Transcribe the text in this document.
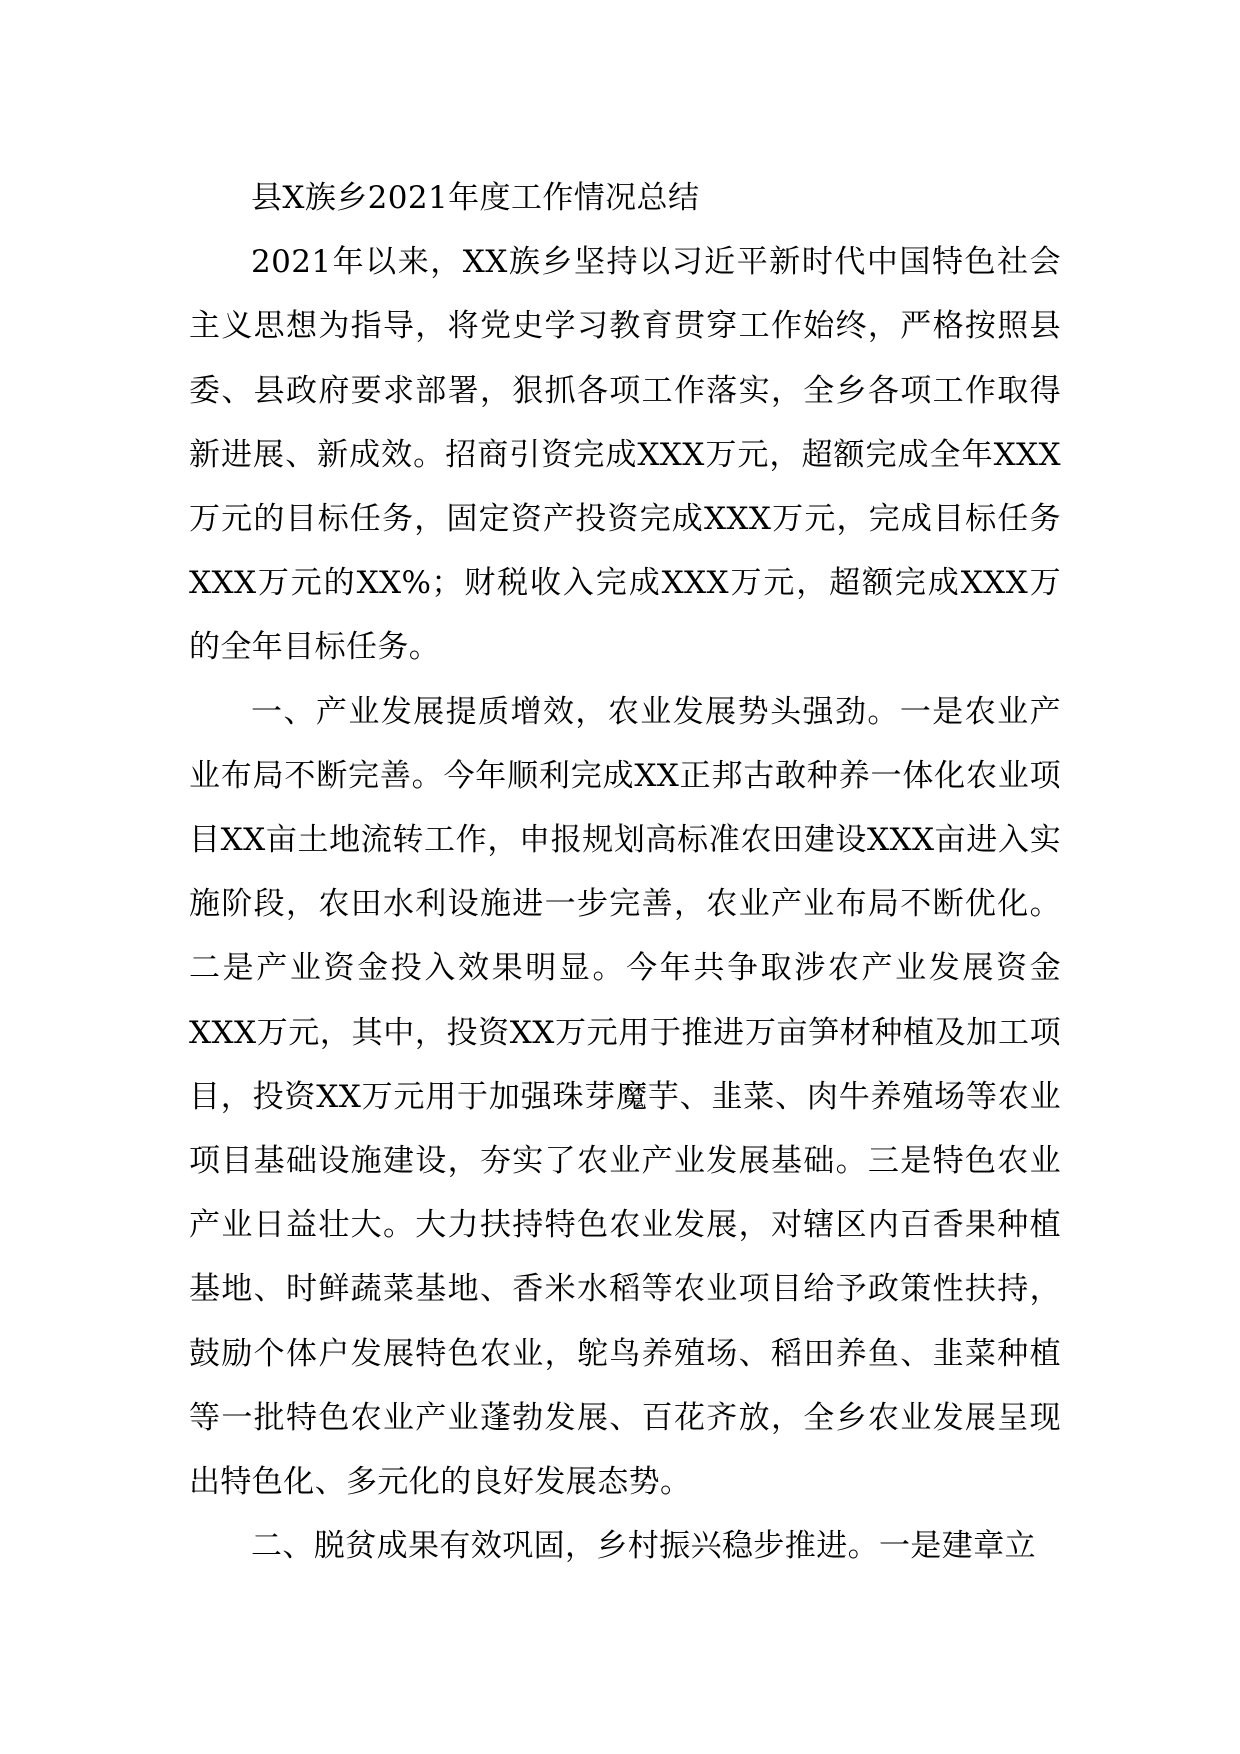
县X族乡2021年度工作情况总结

2021年以来，XX族乡坚持以习近平新时代中国特色社会主义思想为指导，将党史学习教育贯穿工作始终，严格按照县委、县政府要求部署，狠抓各项工作落实，全乡各项工作取得新进展、新成效。招商引资完成XXX万元，超额完成全年XXX万元的目标任务，固定资产投资完成XXX万元，完成目标任务XXX万元的XX%；财税收入完成XXX万元，超额完成XXX万的全年目标任务。

一、产业发展提质增效，农业发展势头强劲。一是农业产业布局不断完善。今年顺利完成XX正邦古敢种养一体化农业项目XX亩土地流转工作，申报规划高标准农田建设XXX亩进入实施阶段，农田水利设施进一步完善，农业产业布局不断优化。二是产业资金投入效果明显。今年共争取涉农产业发展资金XXX万元，其中，投资XX万元用于推进万亩笋材种植及加工项目，投资XX万元用于加强珠芽魔芋、韭菜、肉牛养殖场等农业项目基础设施建设，夯实了农业产业发展基础。三是特色农业产业日益壮大。大力扶持特色农业发展，对辖区内百香果种植基地、时鲜蔬菜基地、香米水稻等农业项目给予政策性扶持，鼓励个体户发展特色农业，鸵鸟养殖场、稻田养鱼、韭菜种植等一批特色农业产业蓬勃发展、百花齐放，全乡农业发展呈现出特色化、多元化的良好发展态势。

二、脱贫成果有效巩固，乡村振兴稳步推进。一是建章立
